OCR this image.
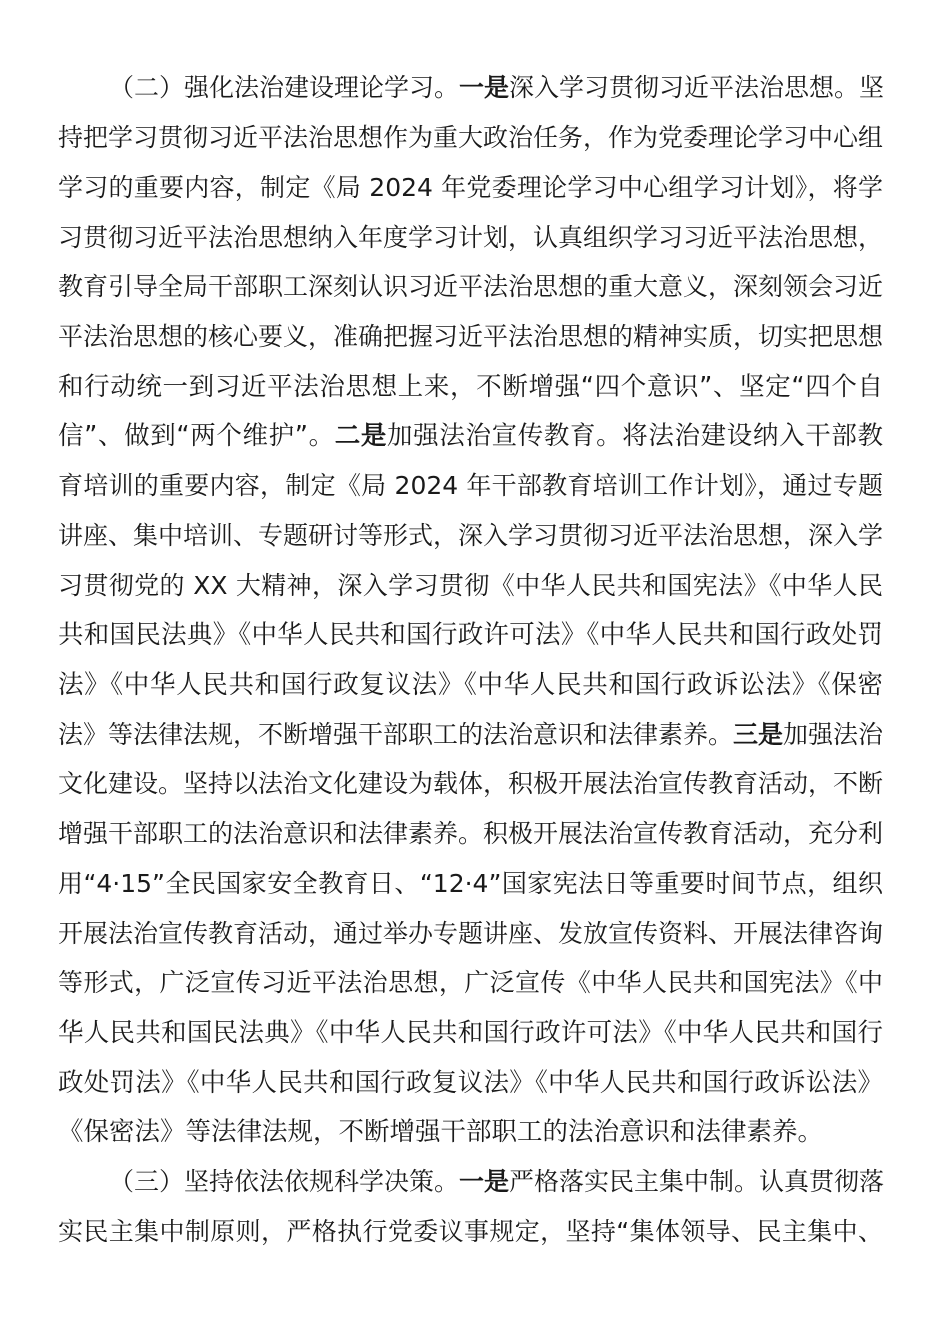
（二）强化法治建设理论学习。一是深入学习贯彻习近平法治思想。坚
持把学习贯彻习近平法治思想作为重大政治任务，作为党委理论学习中心组
学习的重要内容，制定《局 2024 年党委理论学习中心组学习计划》，将学
习贯彻习近平法治思想纳入年度学习计划，认真组织学习习近平法治思想，
教育引导全局干部职工深刻认识习近平法治思想的重大意义，深刻领会习近
平法治思想的核心要义，准确把握习近平法治思想的精神实质，切实把思想
和行动统一到习近平法治思想上来，不断增强“四个意识”、坚定“四个自
信”、做到“两个维护”。二是加强法治宣传教育。将法治建设纳入干部教
育培训的重要内容，制定《局 2024 年干部教育培训工作计划》，通过专题
讲座、集中培训、专题研讨等形式，深入学习贯彻习近平法治思想，深入学
习贯彻党的 XX 大精神，深入学习贯彻《中华人民共和国宪法》《中华人民
共和国民法典》《中华人民共和国行政许可法》《中华人民共和国行政处罚
法》《中华人民共和国行政复议法》《中华人民共和国行政诉讼法》《保密
法》等法律法规，不断增强干部职工的法治意识和法律素养。三是加强法治
文化建设。坚持以法治文化建设为载体，积极开展法治宣传教育活动，不断
增强干部职工的法治意识和法律素养。积极开展法治宣传教育活动，充分利
用“4·15”全民国家安全教育日、“12·4”国家宪法日等重要时间节点，组织
开展法治宣传教育活动，通过举办专题讲座、发放宣传资料、开展法律咨询
等形式，广泛宣传习近平法治思想，广泛宣传《中华人民共和国宪法》《中
华人民共和国民法典》《中华人民共和国行政许可法》《中华人民共和国行
政处罚法》《中华人民共和国行政复议法》《中华人民共和国行政诉讼法》
《保密法》等法律法规，不断增强干部职工的法治意识和法律素养。
（三）坚持依法依规科学决策。一是严格落实民主集中制。认真贯彻落
实民主集中制原则，严格执行党委议事规定，坚持“集体领导、民主集中、
